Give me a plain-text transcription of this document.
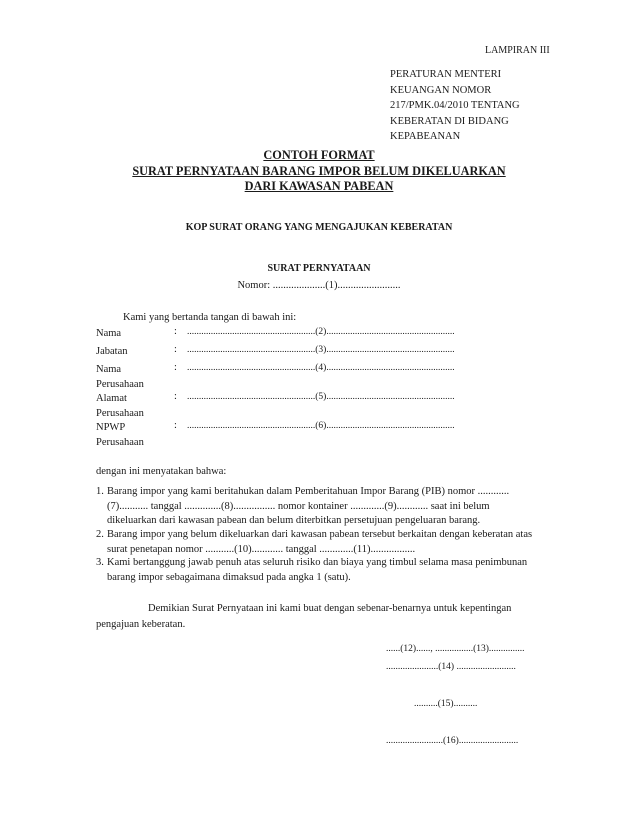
LAMPIRAN III
PERATURAN MENTERI
KEUANGAN NOMOR
217/PMK.04/2010 TENTANG
KEBERATAN DI BIDANG
KEPABEANAN
CONTOH FORMAT
SURAT PERNYATAAN BARANG IMPOR BELUM DIKELUARKAN
DARI KAWASAN PABEAN
KOP SURAT ORANG YANG MENGAJUKAN KEBERATAN
SURAT PERNYATAAN
Nomor: ....................(1)........................
Kami yang bertanda tangan di bawah ini:
Nama	: ......................................................(2)......................................................
Jabatan	: ......................................................(3)......................................................
Nama
Perusahaan
: ......................................................(4)......................................................
Alamat
Perusahaan
: ......................................................(5)......................................................
NPWP
Perusahaan
: ......................................................(6)......................................................
dengan ini menyatakan bahwa:
1. Barang impor yang kami beritahukan dalam Pemberitahuan Impor Barang (PIB) nomor ............(7)........... tanggal ..............(8)................ nomor kontainer .............(9)............ saat ini belum dikeluarkan dari kawasan pabean dan belum diterbitkan persetujuan pengeluaran barang.
2. Barang impor yang belum dikeluarkan dari kawasan pabean tersebut berkaitan dengan keberatan atas surat penetapan nomor ...........(10)............ tanggal .............(11).................
3. Kami bertanggung jawab penuh atas seluruh risiko dan biaya yang timbul selama masa penimbunan barang impor sebagaimana dimaksud pada angka 1 (satu).
Demikian Surat Pernyataan ini kami buat dengan sebenar-benarnya untuk kepentingan pengajuan keberatan.
......(12)......, ................(13)...............
......................(14) .........................
..........(15)..........
........................(16).........................
